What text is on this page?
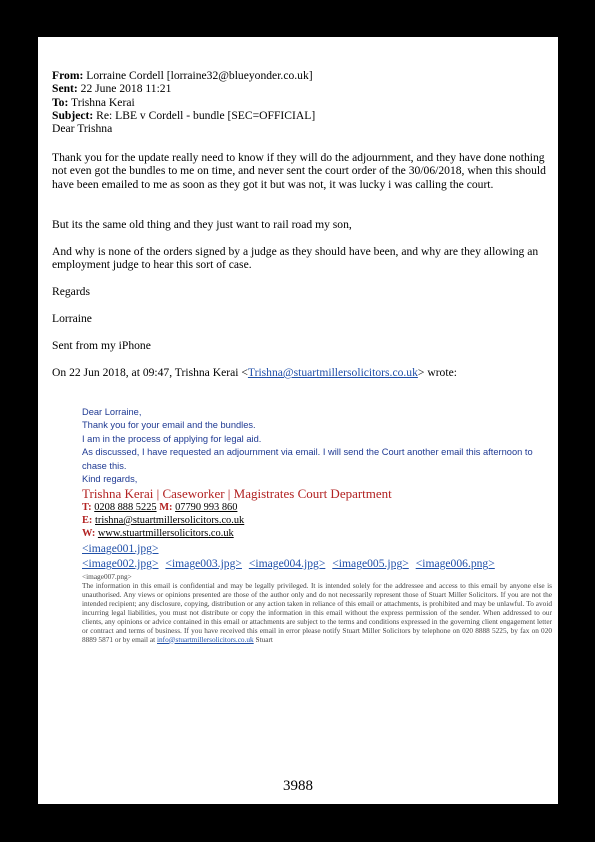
From: Lorraine Cordell [lorraine32@blueyonder.co.uk]
Sent: 22 June 2018 11:21
To: Trishna Kerai
Subject: Re: LBE v Cordell - bundle [SEC=OFFICIAL]
Dear Trishna
Thank you for the update really need to know if they will do the adjournment, and they have done nothing not even got the bundles to me on time, and never sent the court order of the 30/06/2018, when this should have been emailed to me as soon as they got it but was not, it was lucky i was calling the court.
But its the same old thing and they just want to rail road my son,
And why is none of the orders signed by a judge as they should have been, and why are they allowing an employment judge to hear this sort of case.
Regards
Lorraine
Sent from my iPhone
On 22 Jun 2018, at 09:47, Trishna Kerai <Trishna@stuartmillersolicitors.co.uk> wrote:
Dear Lorraine,
Thank you for your email and the bundles.
I am in the process of applying for legal aid.
As discussed, I have requested an adjournment via email. I will send the Court another email this afternoon to chase this.
Kind regards,
Trishna Kerai | Caseworker | Magistrates Court Department
T: 0208 888 5225 M: 07790 993 860
E: trishna@stuartmillersolicitors.co.uk
W: www.stuartmillersolicitors.co.uk
<image001.jpg>
<image002.jpg> <image003.jpg> <image004.jpg> <image005.jpg> <image006.png>
<image007.png>
The information in this email is confidential and may be legally privileged. It is intended solely for the addressee and access to this email by anyone else is unauthorised. Any views or opinions presented are those of the author only and do not necessarily represent those of Stuart Miller Solicitors. If you are not the intended recipient; any disclosure, copying, distribution or any action taken in reliance of this email or attachments, is prohibited and may be unlawful. To avoid incurring legal liabilities, you must not distribute or copy the information in this email without the express permission of the sender. When addressed to our clients, any opinions or advice contained in this email or attachments are subject to the terms and conditions expressed in the governing client engagement letter or contract and terms of business. If you have received this email in error please notify Stuart Miller Solicitors by telephone on 020 8888 5225, by fax on 020 8889 5871 or by email at info@stuartmillersolicitors.co.uk Stuart
3988
